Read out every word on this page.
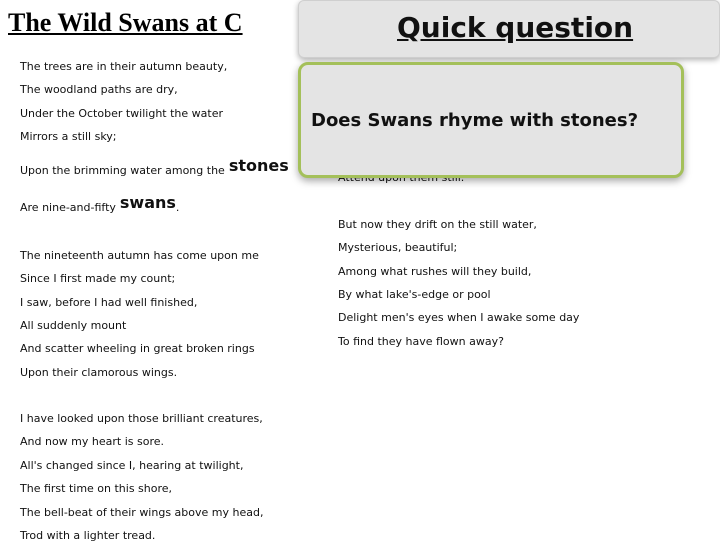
The Wild Swans at C
The trees are in their autumn beauty,
The woodland paths are dry,
Under the October twilight the water
Mirrors a still sky;
Upon the brimming water among the stones
Are nine-and-fifty swans.
The nineteenth autumn has come upon me
Since I first made my count;
I saw, before I had well finished,
All suddenly mount
And scatter wheeling in great broken rings
Upon their clamorous wings.
I have looked upon those brilliant creatures,
And now my heart is sore.
All's changed since I, hearing at twilight,
The first time on this shore,
The bell-beat of their wings above my head,
Trod with a lighter tread.
But now they drift on the still water,
Mysterious, beautiful;
Among what rushes will they build,
By what lake's-edge or pool
Delight men's eyes when I awake some day
To find they have flown away?
Quick question
Does Swans rhyme with stones?
